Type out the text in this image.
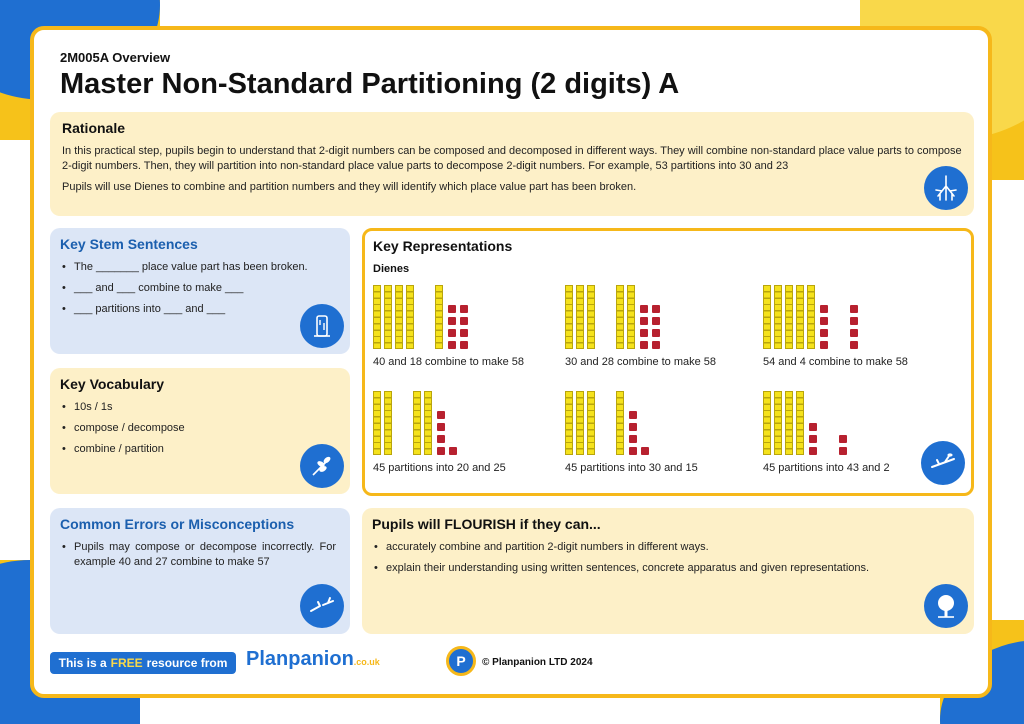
2M005A Overview
Master Non-Standard Partitioning (2 digits) A
Rationale

In this practical step, pupils begin to understand that 2-digit numbers can be composed and decomposed in different ways. They will combine non-standard place value parts to compose 2-digit numbers. Then, they will partition into non-standard place value parts to decompose 2-digit numbers. For example, 53 partitions into 30 and 23

Pupils will use Dienes to combine and partition numbers and they will identify which place value part has been broken.

Key Stem Sentences
• The _______ place value part has been broken.
• ___ and ___ combine to make ___
• ___ partitions into ___ and ___
Key Vocabulary
• 10s / 1s
• compose / decompose
• combine / partition
Common Errors or Misconceptions
• Pupils may compose or decompose incorrectly. For example 40 and 27 combine to make 57
Key Representations
Dienes
40 and 18 combine to make 58	30 and 28 combine to make 58	54 and 4 combine to make 58
45 partitions into 20 and 25	45 partitions into 30 and 15	45 partitions into 43 and 2
Pupils will FLOURISH if they can...
• accurately combine and partition 2-digit numbers in different ways.
• explain their understanding using written sentences, concrete apparatus and given representations.
This is a FREE resource from Planpanion.co.uk	P	© Planpanion LTD 2024
